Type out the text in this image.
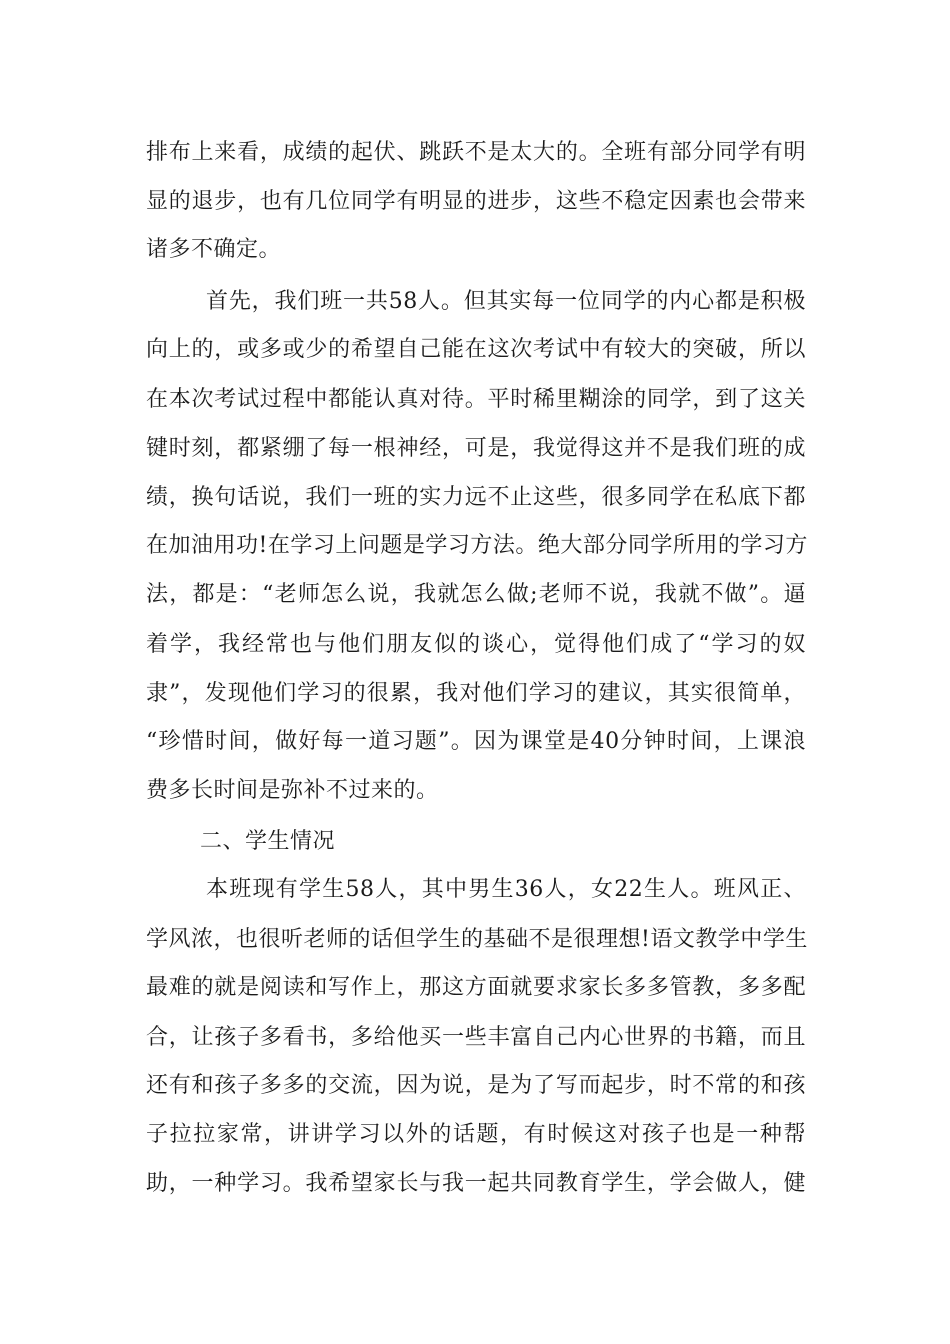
排布上来看，成绩的起伏、跳跃不是太大的。全班有部分同学有明
显的退步，也有几位同学有明显的进步，这些不稳定因素也会带来
诸多不确定。
首先，我们班一共58人。但其实每一位同学的内心都是积极
向上的，或多或少的希望自己能在这次考试中有较大的突破，所以
在本次考试过程中都能认真对待。平时稀里糊涂的同学，到了这关
键时刻，都紧绷了每一根神经，可是，我觉得这并不是我们班的成
绩，换句话说，我们一班的实力远不止这些，很多同学在私底下都
在加油用功!在学习上问题是学习方法。绝大部分同学所用的学习方
法，都是：“老师怎么说，我就怎么做;老师不说，我就不做”。逼
着学，我经常也与他们朋友似的谈心，觉得他们成了“学习的奴
隶”，发现他们学习的很累，我对他们学习的建议，其实很简单，
“珍惜时间，做好每一道习题”。因为课堂是40分钟时间，上课浪
费多长时间是弥补不过来的。
二、学生情况
本班现有学生58人，其中男生36人，女22生人。班风正、
学风浓，也很听老师的话但学生的基础不是很理想!语文教学中学生
最难的就是阅读和写作上，那这方面就要求家长多多管教，多多配
合，让孩子多看书，多给他买一些丰富自己内心世界的书籍，而且
还有和孩子多多的交流，因为说，是为了写而起步，时不常的和孩
子拉拉家常，讲讲学习以外的话题，有时候这对孩子也是一种帮
助，一种学习。我希望家长与我一起共同教育学生，学会做人，健
